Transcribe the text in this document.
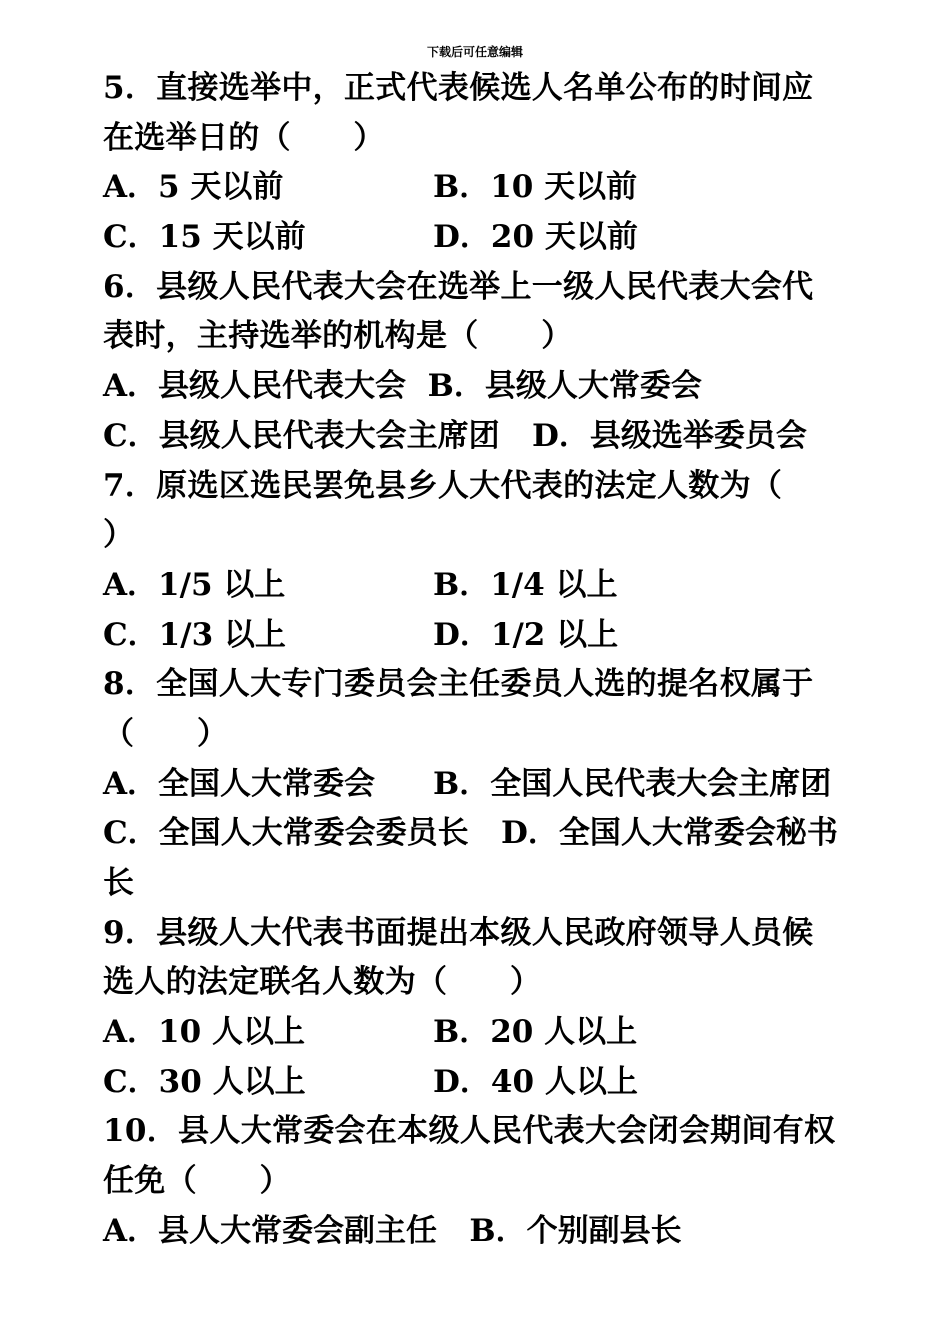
下载后可任意编辑
5．直接选举中，正式代表候选人名单公布的时间应
在选举日的（　　）
A．5 天以前	B．10 天以前
C．15 天以前	D．20 天以前
6．县级人民代表大会在选举上一级人民代表大会代
表时，主持选举的机构是（　　）
A．县级人民代表大会  B．县级人大常委会
C．县级人民代表大会主席团   D．县级选举委员会
7．原选区选民罢免县乡人大代表的法定人数为（
）
A．1/5 以上	B．1/4 以上
C．1/3 以上	D．1/2 以上
8．全国人大专门委员会主任委员人选的提名权属于
（　　）
A．全国人大常委会 B．全国人民代表大会主席团
C．全国人大常委会委员长   D．全国人大常委会秘书
长
9．县级人大代表书面提出本级人民政府领导人员候
选人的法定联名人数为（　　）
A．10 人以上	B．20 人以上
C．30 人以上	D．40 人以上
10．县人大常委会在本级人民代表大会闭会期间有权
任免（　　）
A．县人大常委会副主任   B．个别副县长
